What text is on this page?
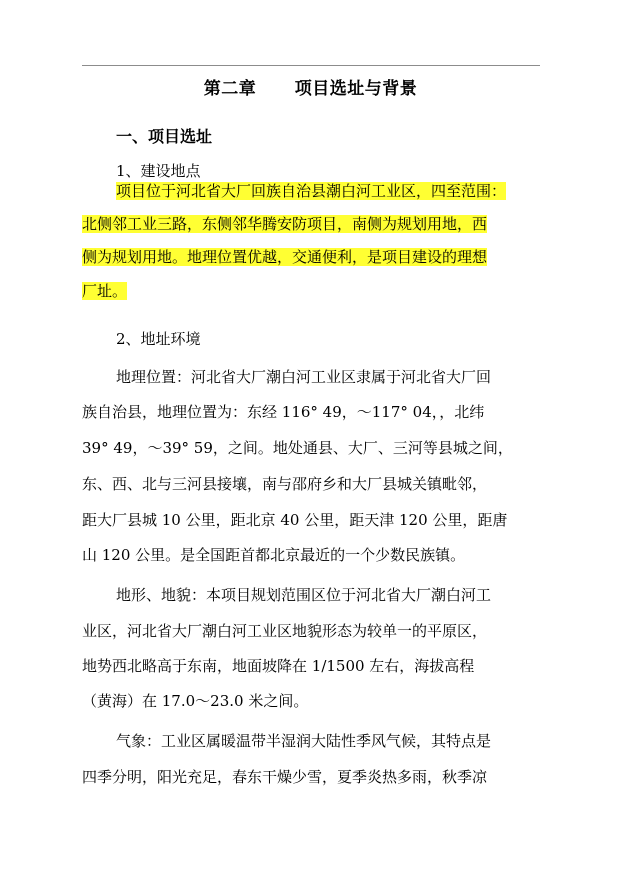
第二章      项目选址与背景
一、项目选址
1、建设地点
项目位于河北省大厂回族自治县潮白河工业区，四至范围：
北侧邻工业三路，东侧邻华腾安防项目，南侧为规划用地，西
侧为规划用地。地理位置优越，交通便利，是项目建设的理想
厂址。
2、地址环境
地理位置：河北省大厂潮白河工业区隶属于河北省大厂回
族自治县，地理位置为：东经 116° 49，～117° 04，，北纬
39° 49，～39° 59，之间。地处通县、大厂、三河等县城之间，
东、西、北与三河县接壤，南与邵府乡和大厂县城关镇毗邻，
距大厂县城 10 公里，距北京 40 公里，距天津 120 公里，距唐
山 120 公里。是全国距首都北京最近的一个少数民族镇。
地形、地貌：本项目规划范围区位于河北省大厂潮白河工
业区，河北省大厂潮白河工业区地貌形态为较单一的平原区，
地势西北略高于东南，地面坡降在 1/1500 左右，海拔高程
（黄海）在 17.0～23.0 米之间。
气象：工业区属暖温带半湿润大陆性季风气候，其特点是
四季分明，阳光充足，春东干燥少雪，夏季炎热多雨，秋季凉
